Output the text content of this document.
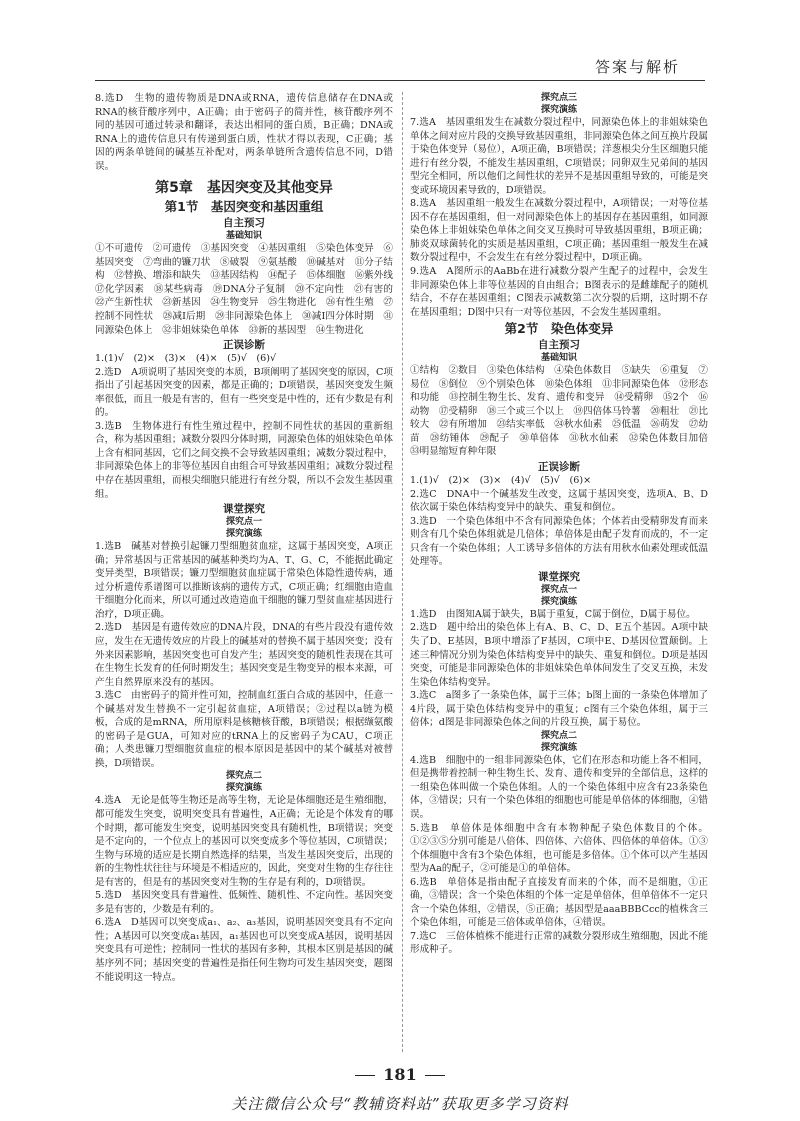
答案与解析
8.选D　生物的遗传物质是DNA或RNA，遗传信息储存在DNA或RNA的核苷酸序列中，A正确；由于密码子的简并性，核苷酸序列不同的基因可通过转录和翻译，表达出相同的蛋白质，B正确；DNA或RNA上的遗传信息只有传递到蛋白质，性状才得以表现，C正确；基因的两条单链间的碱基互补配对，两条单链所含遗传信息不同，D错误。
第5章　基因突变及其他变异
第1节　基因突变和基因重组
自主预习
基础知识
①不可遗传　②可遗传　③基因突变　④基因重组　⑤染色体变异　⑥基因突变　⑦弯曲的镰刀状　⑧破裂　⑨氨基酸　⑩碱基对　⑪分子结构　⑫替换、增添和缺失　⑬基因结构　⑭配子　⑮体细胞　⑯紫外线　⑰化学因素　⑱某些病毒　⑲DNA分子复制　⑳不定向性　㉑有害的　㉒产生新性状　㉓新基因　㉔生物变异　㉕生物进化　㉖有性生殖　㉗控制不同性状　㉘减Ⅰ后期　㉙非同源染色体上　㉚减Ⅰ四分体时期　㉛同源染色体上　㉜非姐妹染色单体　㉝新的基因型　㉞生物进化
正误诊断
1.(1)√　(2)×　(3)×　(4)×　(5)√　(6)√
2.选D　A项说明了基因突变的本质，B项阐明了基因突变的原因，C项指出了引起基因突变的因素，都是正确的；D项错误，基因突变发生频率很低，而且一般是有害的，但有一些突变是中性的，还有少数是有利的。
3.选B　生物体进行有性生殖过程中，控制不同性状的基因的重新组合，称为基因重组；减数分裂四分体时期，同源染色体的姐妹染色单体上含有相同基因，它们之间交换不会导致基因重组；减数分裂过程中，非同源染色体上的非等位基因自由组合可导致基因重组；减数分裂过程中存在基因重组，而根尖细胞只能进行有丝分裂，所以不会发生基因重组。
课堂探究
探究点一
探究演练
1.选B　碱基对替换引起镰刀型细胞贫血症，这属于基因突变，A项正确；异常基因与正常基因的碱基种类均为A、T、G、C，不能据此确定变异类型，B项错误；镰刀型细胞贫血症属于常染色体隐性遗传病，通过分析遗传系谱图可以推断该病的遗传方式，C项正确；红细胞由造血干细胞分化而来，所以可通过改造造血干细胞的镰刀型贫血症基因进行治疗，D项正确。
2.选D　基因是有遗传效应的DNA片段，DNA的有些片段没有遗传效应，发生在无遗传效应的片段上的碱基对的替换不属于基因突变；没有外来因素影响，基因突变也可自发产生；基因突变的随机性表现在其可在生物生长发育的任何时期发生；基因突变是生物变异的根本来源，可产生自然界原来没有的基因。
3.选C　由密码子的简并性可知，控制血红蛋白合成的基因中，任意一个碱基对发生替换不一定引起贫血症，A项错误；②过程以a链为模板，合成的是mRNA，所用原料是核糖核苷酸，B项错误；根据缬氨酸的密码子是GUA，可知对应的tRNA上的反密码子为CAU，C项正确；人类患镰刀型细胞贫血症的根本原因是基因中的某个碱基对被替换，D项错误。
探究点二
探究演练
4.选A　无论是低等生物还是高等生物，无论是体细胞还是生殖细胞，都可能发生突变，说明突变具有普遍性，A正确；无论是个体发育的哪个时期，都可能发生突变，说明基因突变具有随机性，B项错误；突变是不定向的，一个位点上的基因可以突变成多个等位基因，C项错误；生物与环境的适应是长期自然选择的结果，当发生基因突变后，出现的新的生物性状往往与环境是不相适应的，因此，突变对生物的生存往往是有害的，但是有的基因突变对生物的生存是有利的，D项错误。
5.选D　基因突变具有普遍性、低频性、随机性、不定向性。基因突变多是有害的，少数是有利的。
6.选A　D基因可以突变成a₁、a₂、a₃基因，说明基因突变具有不定向性；A基因可以突变成a₁基因，a₁基因也可以突变成A基因，说明基因突变具有可逆性；控制同一性状的基因有多种，其根本区别是基因的碱基序列不同；基因突变的普遍性是指任何生物均可发生基因突变，题图不能说明这一特点。
探究点三
探究演练
7.选A　基因重组发生在减数分裂过程中，同源染色体上的非姐妹染色单体之间对应片段的交换导致基因重组，非同源染色体之间互换片段属于染色体变异（易位），A项正确，B项错误；洋葱根尖分生区细胞只能进行有丝分裂，不能发生基因重组，C项错误；同卵双生兄弟间的基因型完全相同，所以他们之间性状的差异不是基因重组导致的，可能是突变或环境因素导致的，D项错误。
8.选A　基因重组一般发生在减数分裂过程中，A项错误；一对等位基因不存在基因重组，但一对同源染色体上的基因存在基因重组，如同源染色体上非姐妹染色单体之间交叉互换时可导致基因重组，B项正确；肺炎双球菌转化的实质是基因重组，C项正确；基因重组一般发生在减数分裂过程中，不会发生在有丝分裂过程中，D项正确。
9.选A　A图所示的AaBb在进行减数分裂产生配子的过程中，会发生非同源染色体上非等位基因的自由组合；B图表示的是雌雄配子的随机结合，不存在基因重组；C图表示减数第二次分裂的后期，这时期不存在基因重组；D图中只有一对等位基因，不会发生基因重组。
第2节　染色体变异
自主预习
基础知识
①结构　②数目　③染色体结构　④染色体数目　⑤缺失　⑥重复　⑦易位　⑧倒位　⑨个别染色体　⑩染色体组　⑪非同源染色体　⑫形态和功能　⑬控制生物生长、发育、遗传和变异　⑭受精卵　⑮2个　⑯动物　⑰受精卵　⑱三个或三个以上　⑲四倍体马铃薯　⑳粗壮　㉑比较大　㉒有所增加　㉓结实率低　㉔秋水仙素　㉕低温　㉖萌发　㉗幼苗　㉘纺锤体　㉙配子　㉚单倍体　㉛秋水仙素　㉜染色体数目加倍　㉝明显缩短育种年限
正误诊断
1.(1)√　(2)×　(3)×　(4)√　(5)√　(6)×
2.选C　DNA中一个碱基发生改变，这属于基因突变，选项A、B、D依次属于染色体结构变异中的缺失、重复和倒位。
3.选D　一个染色体组中不含有同源染色体；个体若由受精卵发育而来则含有几个染色体组就是几倍体；单倍体是由配子发育而成的，不一定只含有一个染色体组；人工诱导多倍体的方法有用秋水仙素处理或低温处理等。
课堂探究
探究点一
探究演练
1.选D　由图知A属于缺失，B属于重复，C属于倒位，D属于易位。
2.选D　题中给出的染色体上有A、B、C、D、E五个基因。A项中缺失了D、E基因，B项中增添了F基因，C项中E、D基因位置颠倒。上述三种情况分别为染色体结构变异中的缺失、重复和倒位。D项是基因突变，可能是非同源染色体的非姐妹染色单体间发生了交叉互换，未发生染色体结构变异。
3.选C　a图多了一条染色体，属于三体；b图上面的一条染色体增加了4片段，属于染色体结构变异中的重复；c图有三个染色体组，属于三倍体；d图是非同源染色体之间的片段互换，属于易位。
探究点二
探究演练
4.选B　细胞中的一组非同源染色体，它们在形态和功能上各不相同，但是携带着控制一种生物生长、发育、遗传和变异的全部信息，这样的一组染色体叫做一个染色体组。人的一个染色体组中应含有23条染色体，③错误；只有一个染色体组的细胞也可能是单倍体的体细胞，④错误。
5.选B　单倍体是体细胞中含有本物种配子染色体数目的个体。①②③⑤分别可能是八倍体、四倍体、六倍体、四倍体的单倍体。①③个体细胞中含有3个染色体组，也可能是多倍体。①个体可以产生基因型为Aa的配子，②可能是①的单倍体。
6.选B　单倍体是指由配子直接发育而来的个体，而不是细胞，①正确，③错误；含一个染色体组的个体一定是单倍体，但单倍体不一定只含一个染色体组，②错误，⑤正确；基因型是aaaBBBCcc的植株含三个染色体组，可能是三倍体或单倍体，④错误。
7.选C　三倍体植株不能进行正常的减数分裂形成生殖细胞，因此不能形成种子。
181
关注微信公众号“教辅资料站”获取更多学习资料
